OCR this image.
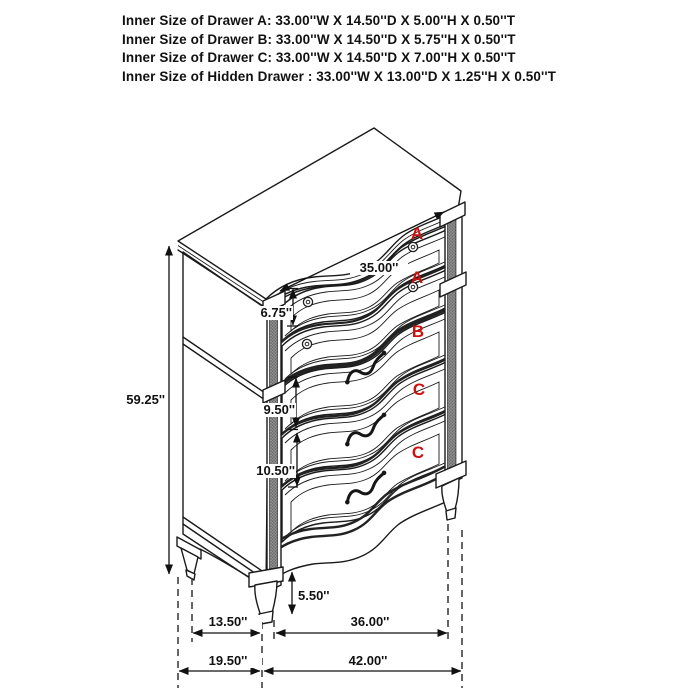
Inner Size of Drawer A: 33.00''W X 14.50''D X 5.00''H X 0.50''T
Inner Size of Drawer B: 33.00''W X 14.50''D X 5.75''H X 0.50''T
Inner Size of Drawer C: 33.00''W X 14.50''D X 7.00''H X 0.50''T
Inner Size of Hidden Drawer : 33.00''W X 13.00''D X 1.25''H X 0.50''T
59.25''
35.00''
6.75''
9.50''
10.50''
5.50''
13.50''	36.00''
19.50''	42.00''
A
A
B
C
C
